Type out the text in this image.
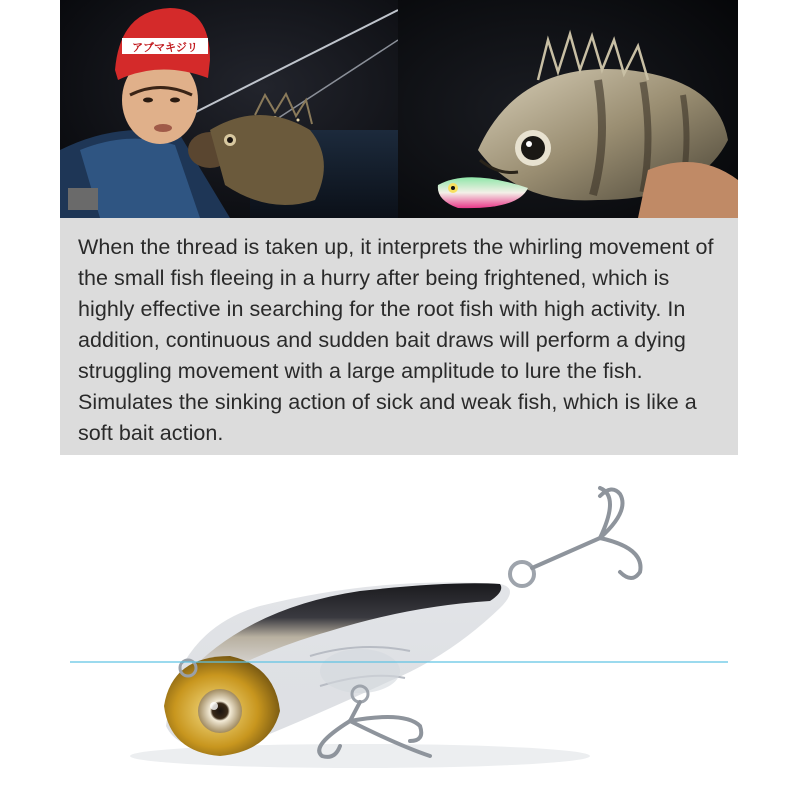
アブマキジリ

When the thread is taken up, it interprets the whirling movement of the small fish fleeing in a hurry after being frightened, which is highly effective in searching for the root fish with high activity. In addition, continuous and sudden bait draws will perform a dying struggling movement with a large amplitude to lure the fish. Simulates the sinking action of sick and weak fish, which is like a soft bait action.
